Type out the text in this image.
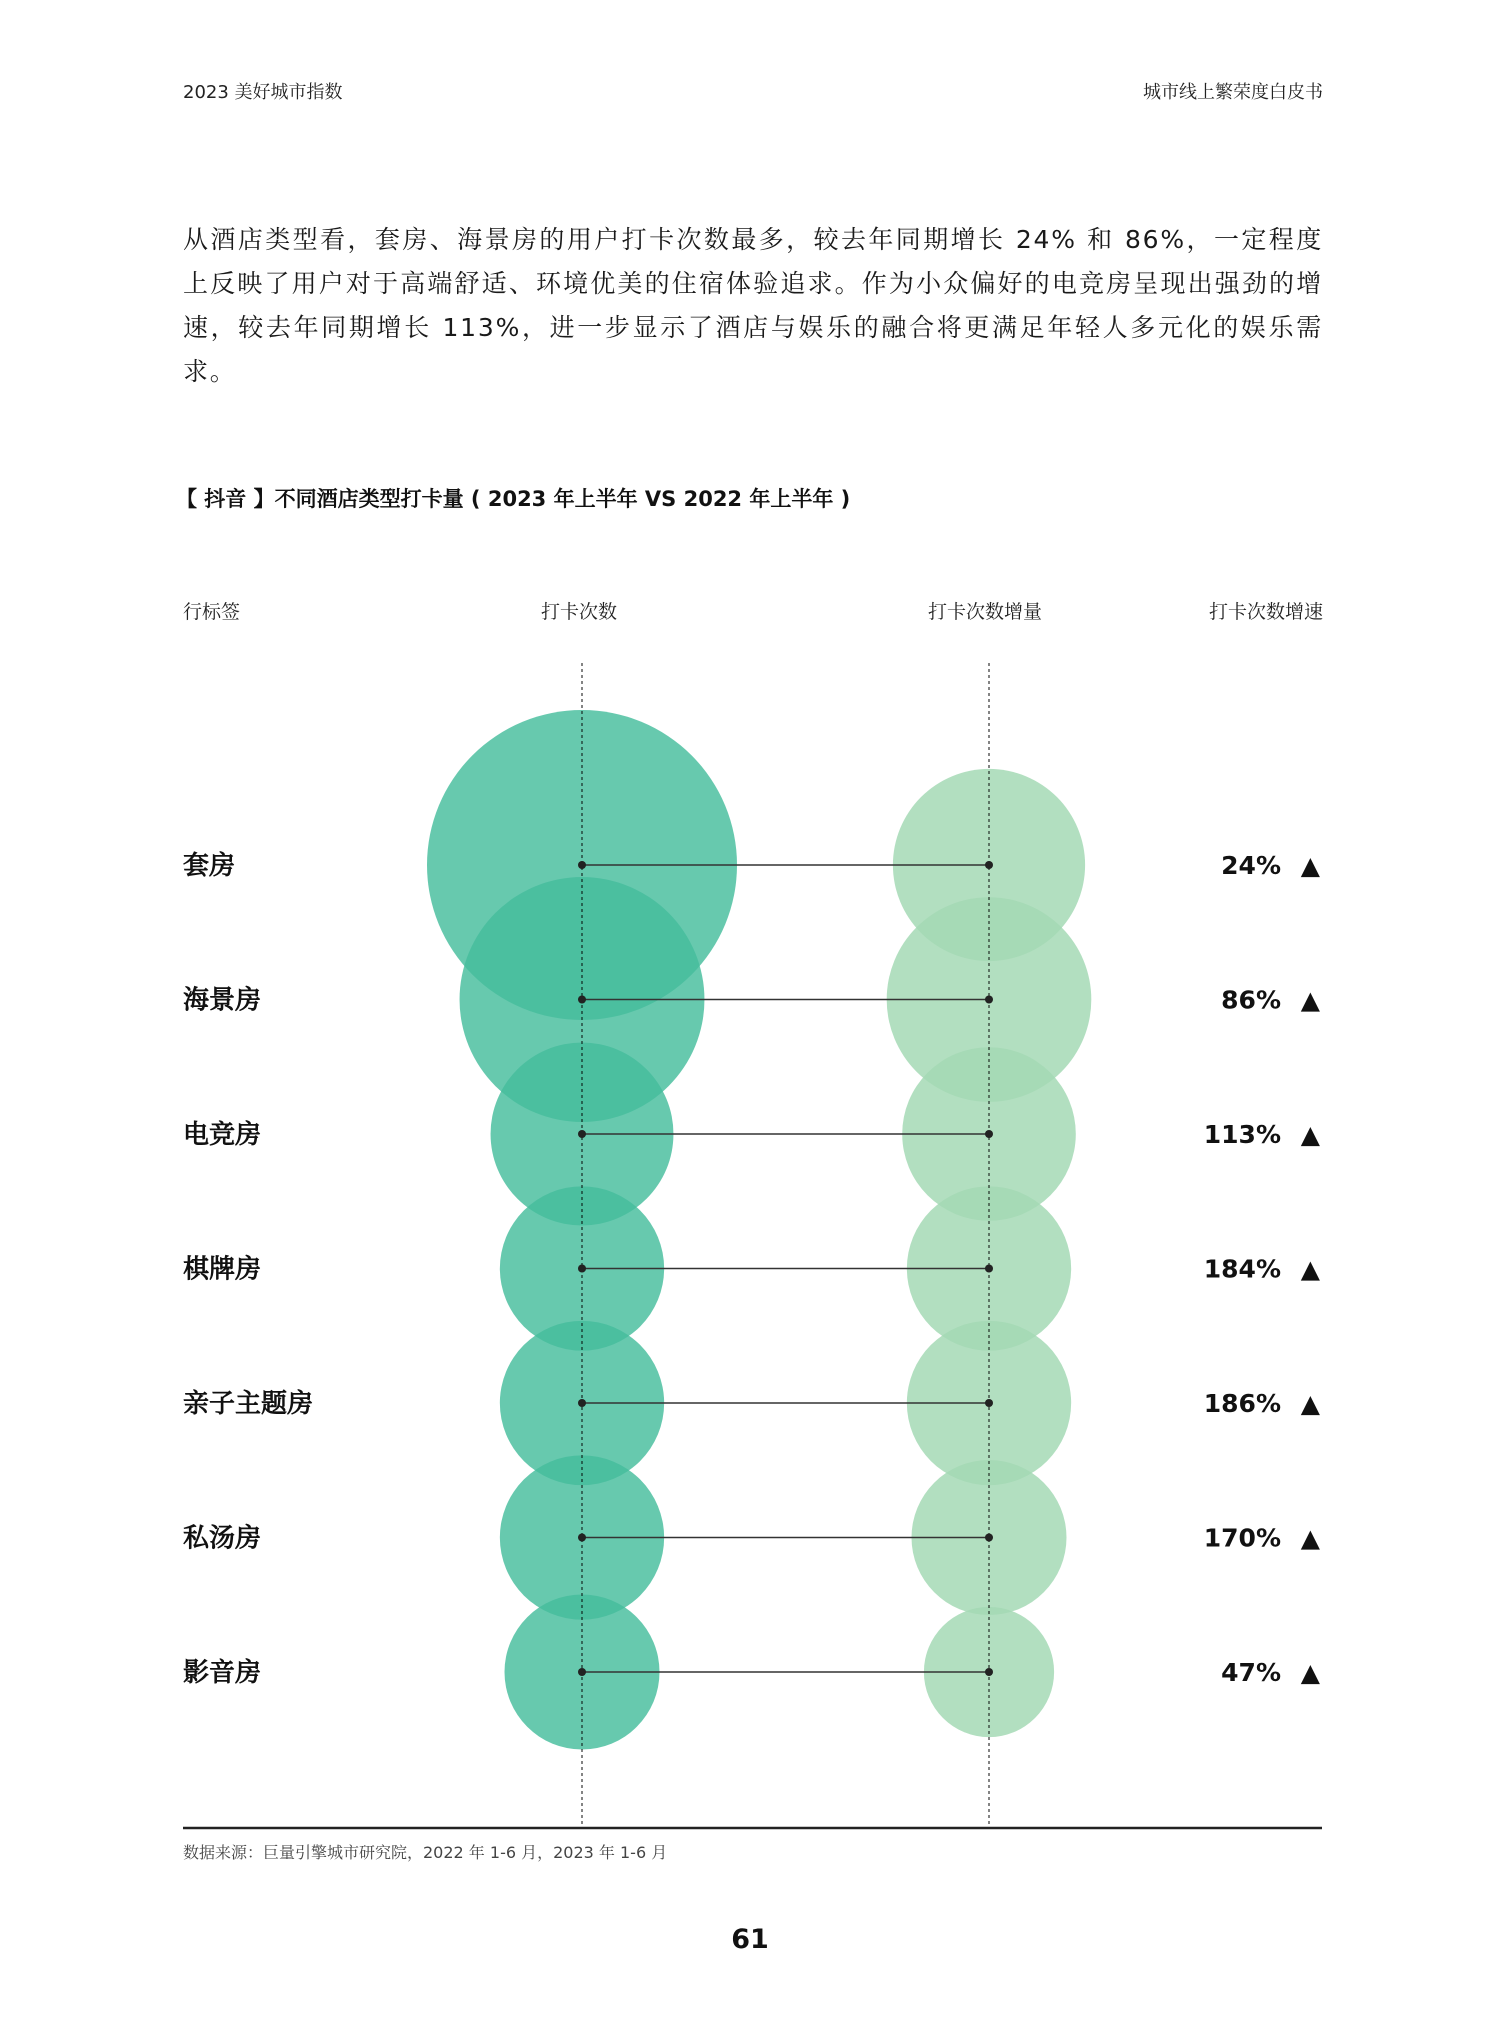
2023 美好城市指数	城市线上繁荣度白皮书
从酒店类型看，套房、海景房的用户打卡次数最多，较去年同期增长 24% 和 86%，一定程度上反映了用户对于高端舒适、环境优美的住宿体验追求。作为小众偏好的电竞房呈现出强劲的增速，较去年同期增长 113%，进一步显示了酒店与娱乐的融合将更满足年轻人多元化的娱乐需求。
【 抖音 】不同酒店类型打卡量 ( 2023 年上半年 VS 2022 年上半年 )
行标签	打卡次数	打卡次数增量	打卡次数增速
套房	24% ▲
海景房	86% ▲
电竞房	113% ▲
棋牌房	184% ▲
亲子主题房	186% ▲
私汤房	170% ▲
影音房	47% ▲
数据来源：巨量引擎城市研究院，2022 年 1-6 月，2023 年 1-6 月
61
